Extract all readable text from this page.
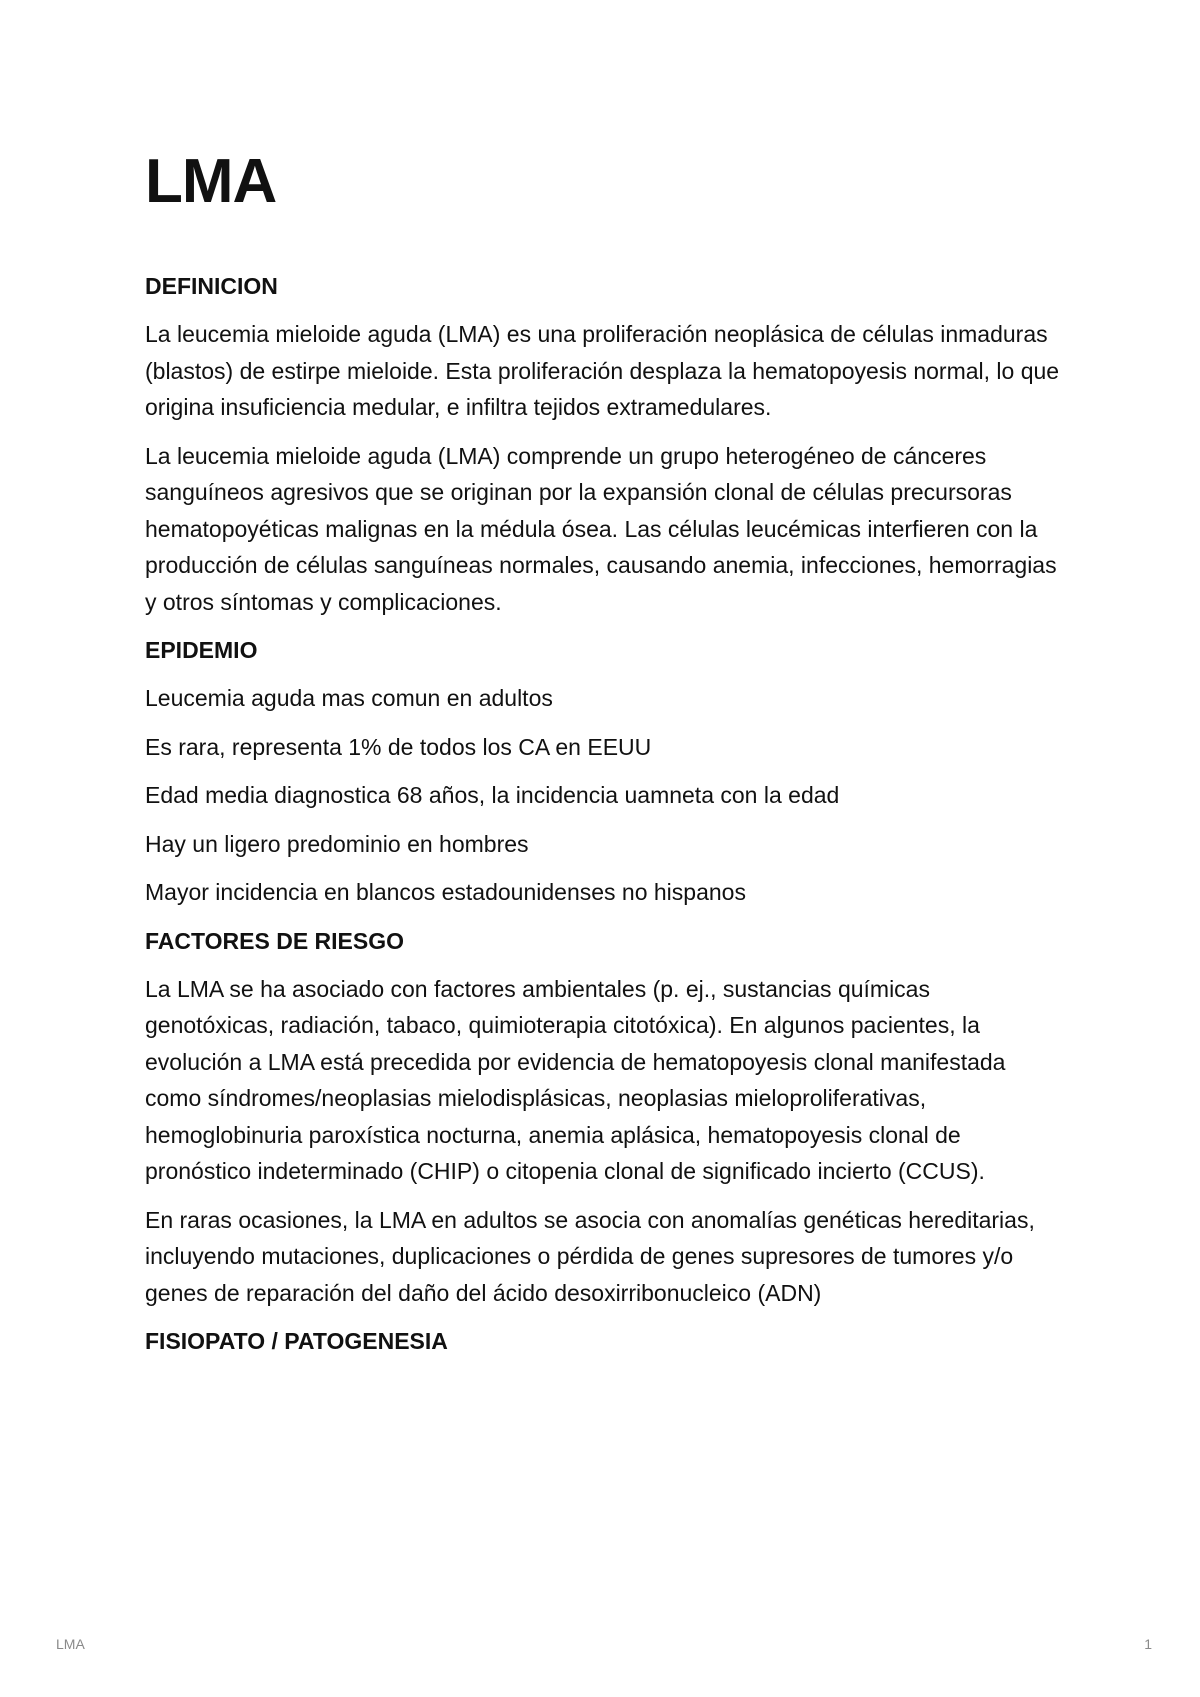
LMA
DEFINICION

La leucemia mieloide aguda (LMA) es una proliferación neoplásica de células inmaduras (blastos) de estirpe mieloide. Esta proliferación desplaza la hematopoyesis normal, lo que origina insuficiencia medular, e infiltra tejidos extramedulares.

La leucemia mieloide aguda (LMA) comprende un grupo heterogéneo de cánceres sanguíneos agresivos que se originan por la expansión clonal de células precursoras hematopoyéticas malignas en la médula ósea. Las células leucémicas interfieren con la producción de células sanguíneas normales, causando anemia, infecciones, hemorragias y otros síntomas y complicaciones.

EPIDEMIO

Leucemia aguda mas comun en adultos

Es rara, representa 1% de todos los CA en EEUU

Edad media diagnostica 68 años, la incidencia uamneta con la edad

Hay un ligero predominio en hombres

Mayor incidencia en blancos estadounidenses no hispanos

FACTORES DE RIESGO

La LMA se ha asociado con factores ambientales (p. ej., sustancias químicas genotóxicas, radiación, tabaco, quimioterapia citotóxica). En algunos pacientes, la evolución a LMA está precedida por evidencia de hematopoyesis clonal manifestada como síndromes/neoplasias mielodisplásicas, neoplasias mieloproliferativas, hemoglobinuria paroxística nocturna, anemia aplásica, hematopoyesis clonal de pronóstico indeterminado (CHIP) o citopenia clonal de significado incierto (CCUS).

En raras ocasiones, la LMA en adultos se asocia con anomalías genéticas hereditarias, incluyendo mutaciones, duplicaciones o pérdida de genes supresores de tumores y/o genes de reparación del daño del ácido desoxirribonucleico (ADN)

FISIOPATO / PATOGENESIA
LMA	1
